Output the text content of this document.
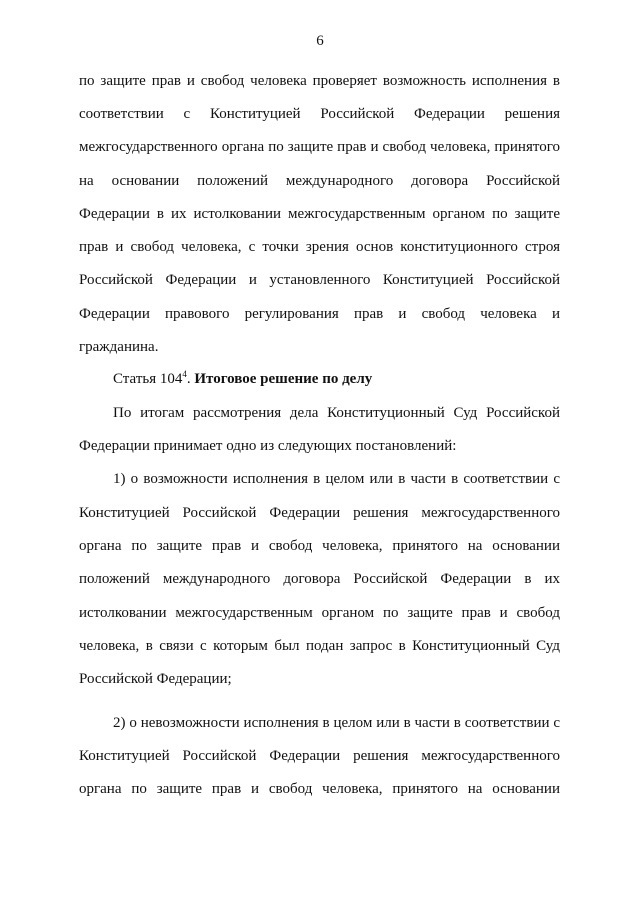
6
по защите прав и свобод человека проверяет возможность исполнения в
соответствии с Конституцией Российской Федерации решения
межгосударственного органа по защите прав и свобод человека, принятого
на основании положений международного договора Российской
Федерации в их истолковании межгосударственным органом по защите
прав и свобод человека, с точки зрения основ конституционного строя
Российской Федерации и установленного Конституцией Российской
Федерации правового регулирования прав и свобод человека и
гражданина.
Статья $104^4$. Итоговое решение по делу
По итогам рассмотрения дела Конституционный Суд Российской
Федерации принимает одно из следующих постановлений:
1) о возможности исполнения в целом или в части в соответствии с
Конституцией Российской Федерации решения межгосударственного
органа по защите прав и свобод человека, принятого на основании
положений международного договора Российской Федерации в их
истолковании межгосударственным органом по защите прав и свобод
человека, в связи с которым был подан запрос в Конституционный Суд
Российской Федерации;
2) о невозможности исполнения в целом или в части в соответствии с
Конституцией Российской Федерации решения межгосударственного
органа по защите прав и свобод человека, принятого на основании
